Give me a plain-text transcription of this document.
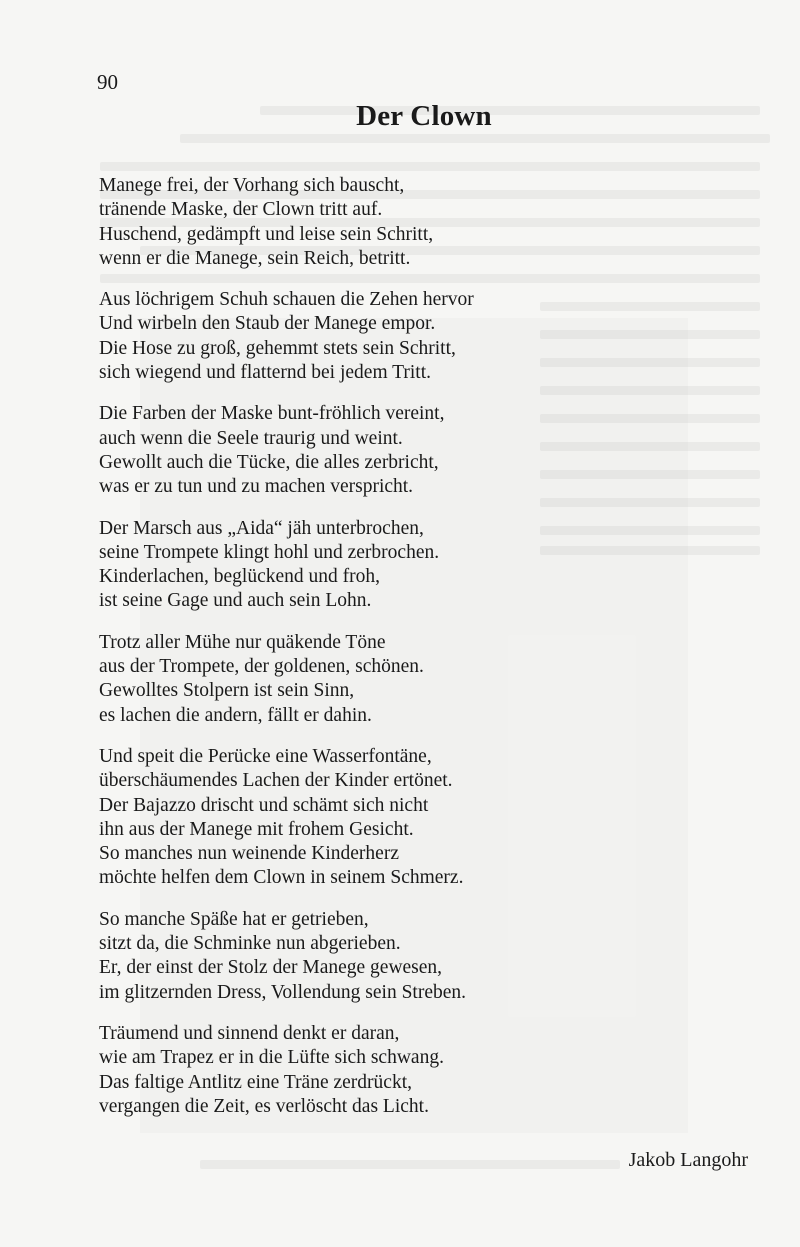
90
Der Clown
Manege frei, der Vorhang sich bauscht,
tränende Maske, der Clown tritt auf.
Huschend, gedämpft und leise sein Schritt,
wenn er die Manege, sein Reich, betritt.
Aus löchrigem Schuh schauen die Zehen hervor
Und wirbeln den Staub der Manege empor.
Die Hose zu groß, gehemmt stets sein Schritt,
sich wiegend und flatternd bei jedem Tritt.
Die Farben der Maske bunt-fröhlich vereint,
auch wenn die Seele traurig und weint.
Gewollt auch die Tücke, die alles zerbricht,
was er zu tun und zu machen verspricht.
Der Marsch aus „Aida“ jäh unterbrochen,
seine Trompete klingt hohl und zerbrochen.
Kinderlachen, beglückend und froh,
ist seine Gage und auch sein Lohn.
Trotz aller Mühe nur quäkende Töne
aus der Trompete, der goldenen, schönen.
Gewolltes Stolpern ist sein Sinn,
es lachen die andern, fällt er dahin.
Und speit die Perücke eine Wasserfontäne,
überschäumendes Lachen der Kinder ertönet.
Der Bajazzo drischt und schämt sich nicht
ihn aus der Manege mit frohem Gesicht.
So manches nun weinende Kinderherz
möchte helfen dem Clown in seinem Schmerz.
So manche Späße hat er getrieben,
sitzt da, die Schminke nun abgerieben.
Er, der einst der Stolz der Manege gewesen,
im glitzernden Dress, Vollendung sein Streben.
Träumend und sinnend denkt er daran,
wie am Trapez er in die Lüfte sich schwang.
Das faltige Antlitz eine Träne zerdrückt,
vergangen die Zeit, es verlöscht das Licht.
Jakob Langohr
